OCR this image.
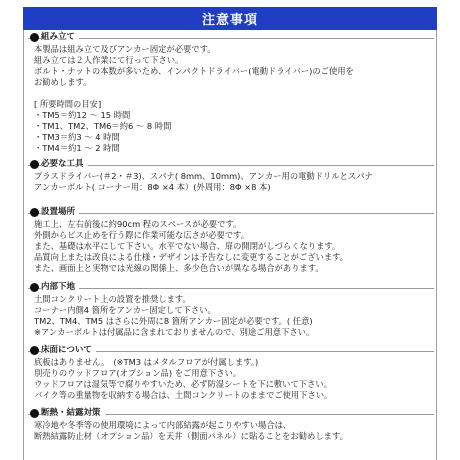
注意事項
組み立て
本製品は組み立て及びアンカー固定が必要です。
組み立ては２人作業にて行って下さい。
ボルト・ナットの本数が多いため、インパクトドライバー(電動ドライバー)のご使用を
お勧めします。
[ 所要時間の目安]
・TM5＝約12 ～ 15 時間
・TM1、TM2、TM6＝約6 ～ 8 時間
・TM3＝約3 ～ 4 時間
・TM4＝約1 ～ 2 時間
必要な工具
プラスドライバー(＃2・＃3)、スパナ( 8mm、10mm)、アンカー用の電動ドリルとスパナ
アンカーボルト( コーナー用：8Φ ×4 本）(外周用：8Φ ×8 本)
設置場所
施工上、左右前後に約90cm 程のスペースが必要です。
外側からビス止めを行う際に作業可能な広さが必要です。
また、基礎は水平にして下さい。水平でない場合、扉の開閉がしづらくなります。
品質向上または改良による仕様・デザインは予告なしに変更することがございます。
また、画面上と実物では光線の関係上、多少色合いが異なる場合があります。
内部下地
土間コンクリート上の設置を推奨します。
コーナー内側4 箇所をアンカー固定して下さい。
TM2、TM4、TM5 はさらに外周に8 箇所アンカー固定が必要です。( 任意)
※アンカーボルトは付属品に含まれておりませんので、別途ご用意下さい。
床面について
底板はありません。　(※TM3 はメタルフロアが付属します。)
別売りのウッドフロア(オプション品) をご用意下さい。
ウッドフロアは湿気等で腐りやすいため、必ず防湿シートを下に敷いて下さい。
バイク等の重量物を収納する場合は、土間コンクリートのままでご使用下さい。
断熱・結露対策
寒冷地や冬季等の使用環境によって内部結露が起こりやすい場合は、
断熱結露防止材（オプション品）を天井（側面パネル）に貼ることをお勧めします。
